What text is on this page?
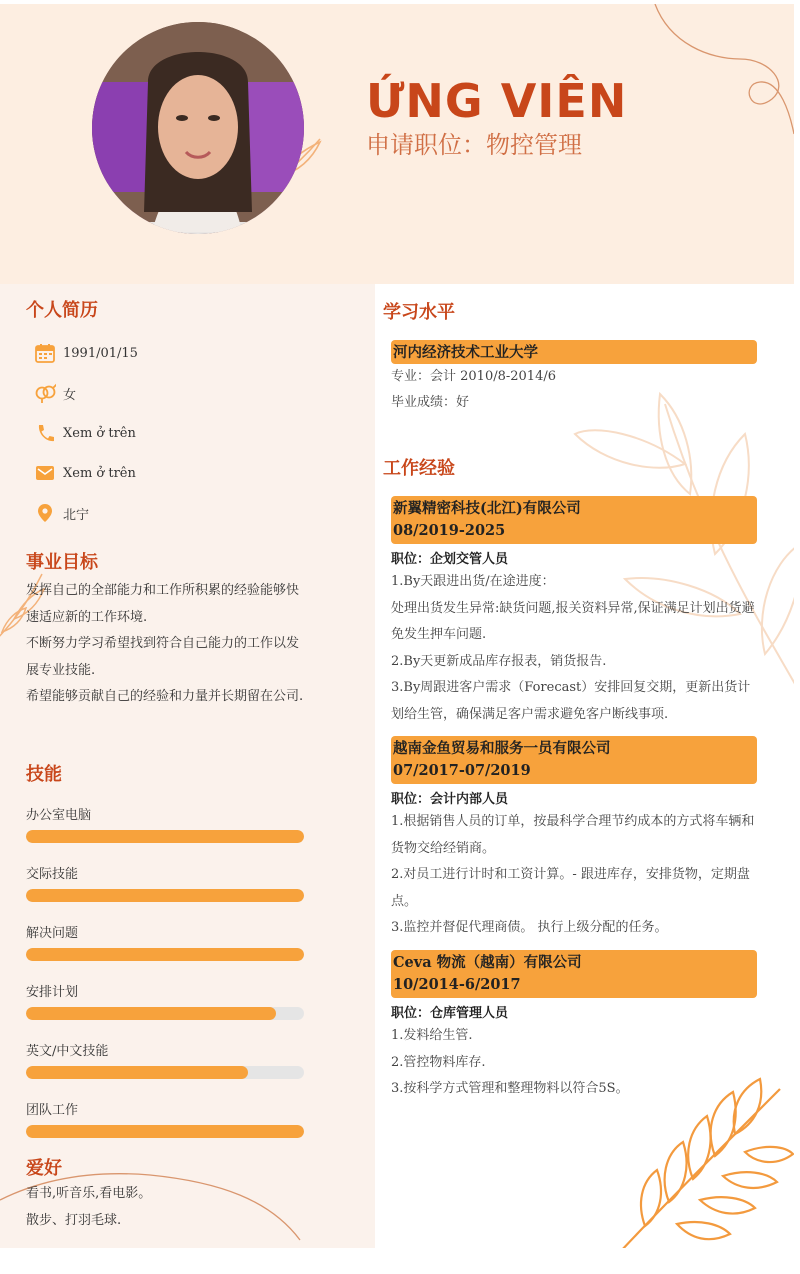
ỨNG VIÊN
申请职位：物控管理
个人简历
1991/01/15
女
Xem ở trên
Xem ở trên
北宁
事业目标
发挥自己的全部能力和工作所积累的经验能够快速适应新的工作环境.
不断努力学习希望找到符合自己能力的工作以发展专业技能.
希望能够贡献自己的经验和力量并长期留在公司.
技能
办公室电脑
交际技能
解决问题
安排计划
英文/中文技能
团队工作
爱好
看书,听音乐,看电影。
散步、打羽毛球.
学习水平
工作经验
河内经济技术工业大学
专业：会计 2010/8-2014/6
毕业成绩：好
新翼精密科技(北江)有限公司
08/2019-2025
职位：企划交管人员
1.By天跟进出货/在途进度：
处理出货发生异常:缺货问题,报关资料异常,保证满足计划出货避免发生押车问题.
2.By天更新成品库存报表，销货报告.
3.By周跟进客户需求（Forecast）安排回复交期，更新出货计划给生管，确保满足客户需求避免客户断线事项.
越南金鱼贸易和服务一员有限公司
07/2017-07/2019
职位：会计内部人员
1.根据销售人员的订单，按最科学合理节约成本的方式将车辆和货物交给经销商。
2.对员工进行计时和工资计算。- 跟进库存，安排货物，定期盘点。
3.监控并督促代理商债。 执行上级分配的任务。
Ceva 物流（越南）有限公司
10/2014-6/2017
职位：仓库管理人员
1.发料给生管.
2.管控物料库存.
3.按科学方式管理和整理物料以符合5S。
